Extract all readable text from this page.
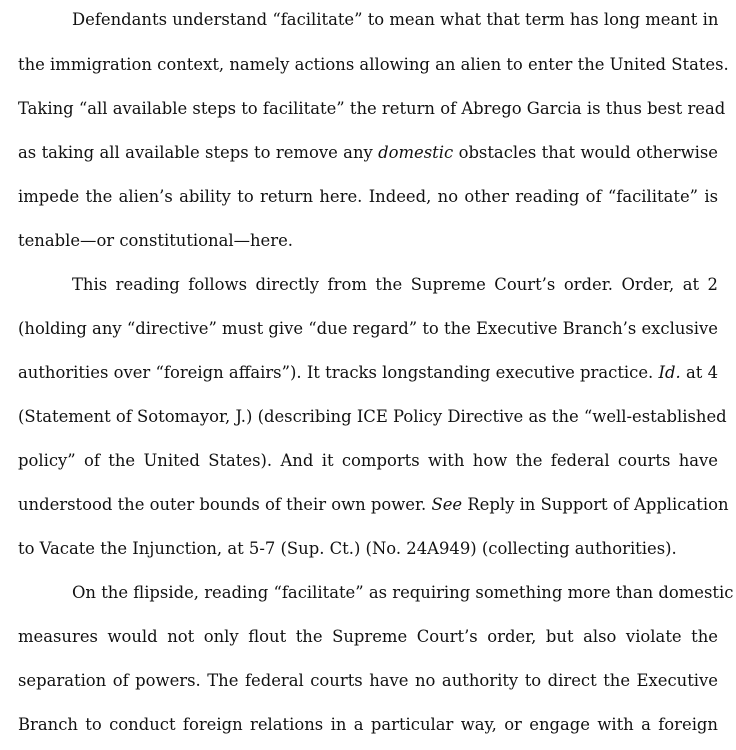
Defendants understand “facilitate” to mean what that term has long meant in
the immigration context, namely actions allowing an alien to enter the United States.
Taking “all available steps to facilitate” the return of Abrego Garcia is thus best read
as taking all available steps to remove any domestic obstacles that would otherwise
impede the alien’s ability to return here. Indeed, no other reading of “facilitate” is
tenable—or constitutional—here.
This reading follows directly from the Supreme Court’s order. Order, at 2
(holding any “directive” must give “due regard” to the Executive Branch’s exclusive
authorities over “foreign affairs”). It tracks longstanding executive practice. Id. at 4
(Statement of Sotomayor, J.) (describing ICE Policy Directive as the “well-established
policy” of the United States). And it comports with how the federal courts have
understood the outer bounds of their own power. See Reply in Support of Application
to Vacate the Injunction, at 5-7 (Sup. Ct.) (No. 24A949) (collecting authorities).
On the flipside, reading “facilitate” as requiring something more than domestic
measures would not only flout the Supreme Court’s order, but also violate the
separation of powers. The federal courts have no authority to direct the Executive
Branch to conduct foreign relations in a particular way, or engage with a foreign
